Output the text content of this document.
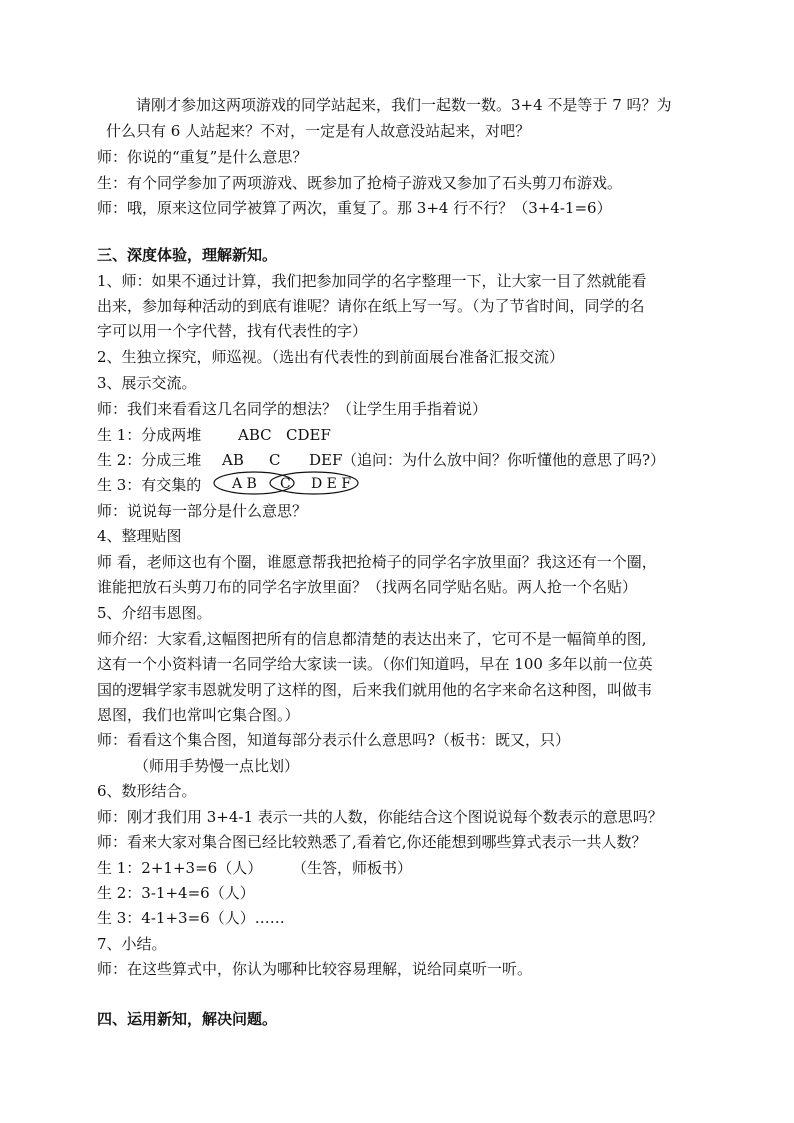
请刚才参加这两项游戏的同学站起来，我们一起数一数。3+4 不是等于 7 吗？为
什么只有 6 人站起来？不对，一定是有人故意没站起来，对吧？
师：你说的“重复”是什么意思？
生：有个同学参加了两项游戏、既参加了抢椅子游戏又参加了石头剪刀布游戏。
师：哦，原来这位同学被算了两次，重复了。那 3+4 行不行？（3+4-1=6）
三、深度体验，理解新知。
1、师：如果不通过计算，我们把参加同学的名字整理一下，让大家一目了然就能看
出来，参加每种活动的到底有谁呢？请你在纸上写一写。（为了节省时间，同学的名
字可以用一个字代替，找有代表性的字）
2、生独立探究，师巡视。（选出有代表性的到前面展台准备汇报交流）
3、展示交流。
师：我们来看看这几名同学的想法？（让学生用手指着说）
生 1：分成两堆 ABC CDEF
生 2：分成三堆 AB C DEF （追问：为什么放中间？你听懂他的意思了吗?）
生 3：有交集的 A B C D E F
师：说说每一部分是什么意思？
4、整理贴图
师 看，老师这也有个圈，谁愿意帮我把抢椅子的同学名字放里面？我这还有一个圈，
谁能把放石头剪刀布的同学名字放里面？（找两名同学贴名贴。两人抢一个名贴）
5、介绍韦恩图。
师介绍：大家看,这幅图把所有的信息都清楚的表达出来了，它可不是一幅简单的图,
这有一个小资料请一名同学给大家读一读。（你们知道吗，早在 100 多年以前一位英
国的逻辑学家韦恩就发明了这样的图，后来我们就用他的名字来命名这种图，叫做韦
恩图，我们也常叫它集合图。）
师：看看这个集合图，知道每部分表示什么意思吗?（板书：既又，只）
（师用手势慢一点比划）
6、数形结合。
师：刚才我们用 3+4-1 表示一共的人数，你能结合这个图说说每个数表示的意思吗？
师：看来大家对集合图已经比较熟悉了,看着它,你还能想到哪些算式表示一共人数？
生 1：2+1+3=6（人） （生答，师板书）
生 2：3-1+4=6（人）
生 3：4-1+3=6（人）……
7、小结。
师：在这些算式中，你认为哪种比较容易理解，说给同桌听一听。
四、运用新知，解决问题。
